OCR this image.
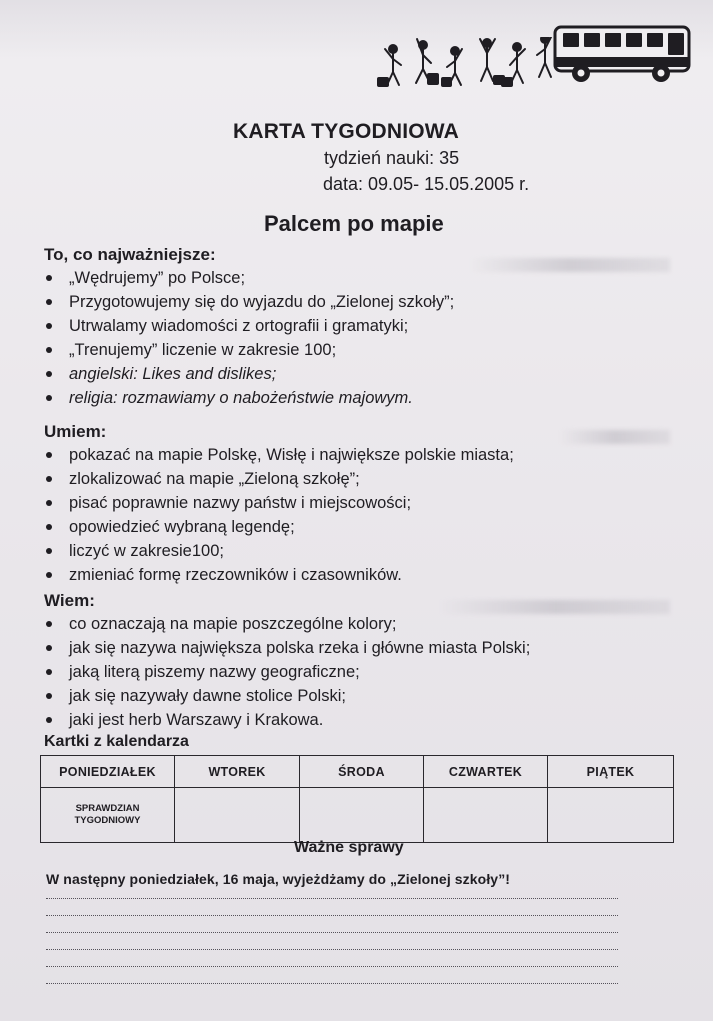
KARTA TYGODNIOWA
tydzień nauki: 35
data: 09.05- 15.05.2005 r.
Palcem po mapie
To, co najważniejsze:
„Wędrujemy” po Polsce;
Przygotowujemy się do wyjazdu do „Zielonej szkoły”;
Utrwalamy wiadomości z ortografii i gramatyki;
„Trenujemy” liczenie w zakresie 100;
angielski: Likes and dislikes;
religia: rozmawiamy o nabożeństwie majowym.
Umiem:
pokazać na mapie Polskę, Wisłę i największe polskie miasta;
zlokalizować na mapie „Zieloną szkołę”;
pisać poprawnie nazwy państw i miejscowości;
opowiedzieć wybraną legendę;
liczyć w zakresie100;
zmieniać formę rzeczowników i czasowników.
Wiem:
co oznaczają na mapie poszczególne kolory;
jak się nazywa największa polska rzeka i główne miasta Polski;
jaką literą piszemy nazwy geograficzne;
jak się nazywały dawne stolice Polski;
jaki jest herb Warszawy i Krakowa.
Kartki z kalendarza
PONIEDZIAŁEK	WTOREK	ŚRODA	CZWARTEK	PIĄTEK
SPRAWDZIAN
TYGODNIOWY				
Ważne sprawy
W następny poniedziałek, 16 maja, wyjeżdżamy do „Zielonej szkoły”!
